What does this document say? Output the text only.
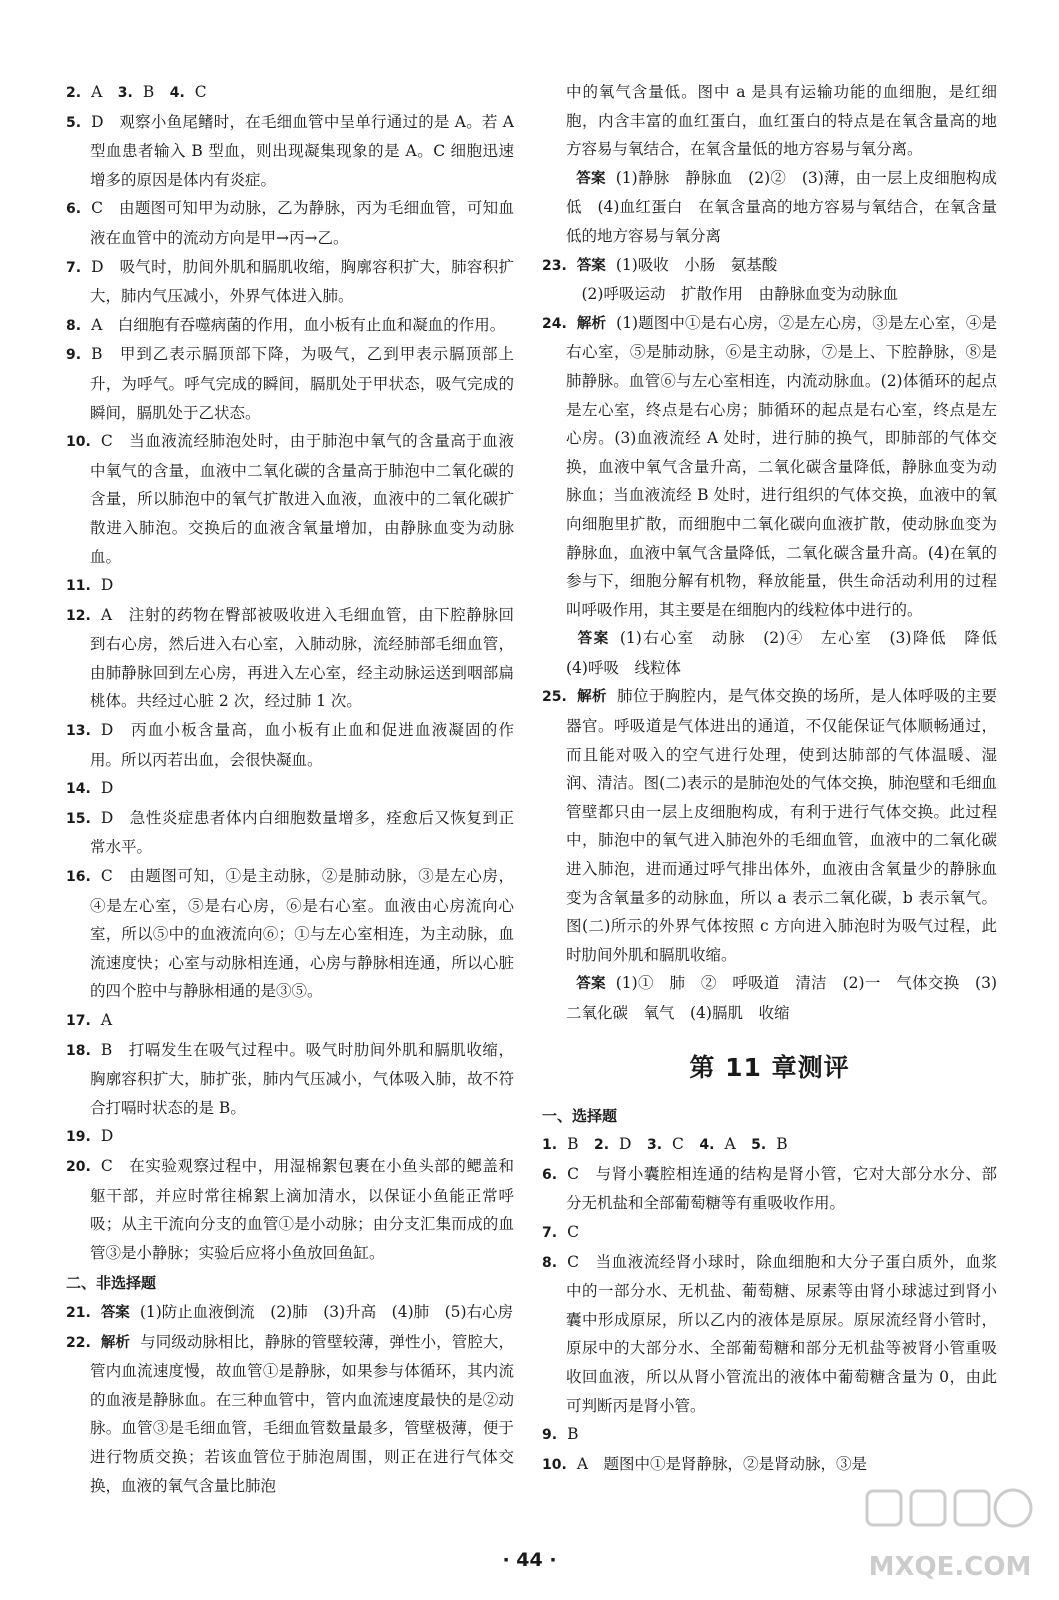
2. A　3. B　4. C

5. D　观察小鱼尾鳍时，在毛细血管中呈单行通过的是 A。若 A 型血患者输入 B 型血，则出现凝集现象的是 A。C 细胞迅速增多的原因是体内有炎症。

6. C　由题图可知甲为动脉，乙为静脉，丙为毛细血管，可知血液在血管中的流动方向是甲→丙→乙。

7. D　吸气时，肋间外肌和膈肌收缩，胸廓容积扩大，肺容积扩大，肺内气压减小，外界气体进入肺。

8. A　白细胞有吞噬病菌的作用，血小板有止血和凝血的作用。

9. B　甲到乙表示膈顶部下降，为吸气，乙到甲表示膈顶部上升，为呼气。呼气完成的瞬间，膈肌处于甲状态，吸气完成的瞬间，膈肌处于乙状态。

10. C　当血液流经肺泡处时，由于肺泡中氧气的含量高于血液中氧气的含量，血液中二氧化碳的含量高于肺泡中二氧化碳的含量，所以肺泡中的氧气扩散进入血液，血液中的二氧化碳扩散进入肺泡。交换后的血液含氧量增加，由静脉血变为动脉血。

11. D

12. A　注射的药物在臀部被吸收进入毛细血管，由下腔静脉回到右心房，然后进入右心室，入肺动脉，流经肺部毛细血管，由肺静脉回到左心房，再进入左心室，经主动脉运送到咽部扁桃体。共经过心脏 2 次，经过肺 1 次。

13. D　丙血小板含量高，血小板有止血和促进血液凝固的作用。所以丙若出血，会很快凝血。

14. D

15. D　急性炎症患者体内白细胞数量增多，痊愈后又恢复到正常水平。

16. C　由题图可知，①是主动脉，②是肺动脉，③是左心房，④是左心室，⑤是右心房，⑥是右心室。血液由心房流向心室，所以⑤中的血液流向⑥；①与左心室相连，为主动脉，血流速度快；心室与动脉相连通，心房与静脉相连通，所以心脏的四个腔中与静脉相通的是③⑤。

17. A

18. B　打嗝发生在吸气过程中。吸气时肋间外肌和膈肌收缩，胸廓容积扩大，肺扩张，肺内气压减小，气体吸入肺，故不符合打嗝时状态的是 B。

19. D

20. C　在实验观察过程中，用湿棉絮包裹在小鱼头部的鳃盖和躯干部，并应时常往棉絮上滴加清水，以保证小鱼能正常呼吸；从主干流向分支的血管①是小动脉；由分支汇集而成的血管③是小静脉；实验后应将小鱼放回鱼缸。

二、非选择题

21. 答案 (1)防止血液倒流　(2)肺　(3)升高　(4)肺　(5)右心房

22. 解析 与同级动脉相比，静脉的管壁较薄，弹性小，管腔大，管内血流速度慢，故血管①是静脉，如果参与体循环，其内流的血液是静脉血。在三种血管中，管内血流速度最快的是②动脉。血管③是毛细血管，毛细血管数量最多，管壁极薄，便于进行物质交换；若该血管位于肺泡周围，则正在进行气体交换，血液的氧气含量比肺泡

中的氧气含量低。图中 a 是具有运输功能的血细胞，是红细胞，内含丰富的血红蛋白，血红蛋白的特点是在氧含量高的地方容易与氧结合，在氧含量低的地方容易与氧分离。

答案 (1)静脉　静脉血　(2)②　(3)薄，由一层上皮细胞构成　低　(4)血红蛋白　在氧含量高的地方容易与氧结合，在氧含量低的地方容易与氧分离

23. 答案 (1)吸收　小肠　氨基酸

　(2)呼吸运动　扩散作用　由静脉血变为动脉血

24. 解析 (1)题图中①是右心房，②是左心房，③是左心室，④是右心室，⑤是肺动脉，⑥是主动脉，⑦是上、下腔静脉，⑧是肺静脉。血管⑥与左心室相连，内流动脉血。(2)体循环的起点是左心室，终点是右心房；肺循环的起点是右心室，终点是左心房。(3)血液流经 A 处时，进行肺的换气，即肺部的气体交换，血液中氧气含量升高，二氧化碳含量降低，静脉血变为动脉血；当血液流经 B 处时，进行组织的气体交换，血液中的氧向细胞里扩散，而细胞中二氧化碳向血液扩散，使动脉血变为静脉血，血液中氧气含量降低，二氧化碳含量升高。(4)在氧的参与下，细胞分解有机物，释放能量，供生命活动利用的过程叫呼吸作用，其主要是在细胞内的线粒体中进行的。

答案 (1)右心室　动脉　(2)④　左心室　(3)降低　降低　(4)呼吸　线粒体

25. 解析 肺位于胸腔内，是气体交换的场所，是人体呼吸的主要器官。呼吸道是气体进出的通道，不仅能保证气体顺畅通过，而且能对吸入的空气进行处理，使到达肺部的气体温暖、湿润、清洁。图(二)表示的是肺泡处的气体交换，肺泡壁和毛细血管壁都只由一层上皮细胞构成，有利于进行气体交换。此过程中，肺泡中的氧气进入肺泡外的毛细血管，血液中的二氧化碳进入肺泡，进而通过呼气排出体外，血液由含氧量少的静脉血变为含氧量多的动脉血，所以 a 表示二氧化碳，b 表示氧气。图(二)所示的外界气体按照 c 方向进入肺泡时为吸气过程，此时肋间外肌和膈肌收缩。

答案 (1)①　肺　②　呼吸道　清洁　(2)一　气体交换　(3)二氧化碳　氧气　(4)膈肌　收缩

第 11 章测评
一、选择题

1. B　2. D　3. C　4. A　5. B

6. C　与肾小囊腔相连通的结构是肾小管，它对大部分水分、部分无机盐和全部葡萄糖等有重吸收作用。

7. C

8. C　当血液流经肾小球时，除血细胞和大分子蛋白质外，血浆中的一部分水、无机盐、葡萄糖、尿素等由肾小球滤过到肾小囊中形成原尿，所以乙内的液体是原尿。原尿流经肾小管时，原尿中的大部分水、全部葡萄糖和部分无机盐等被肾小管重吸收回血液，所以从肾小管流出的液体中葡萄糖含量为 0，由此可判断丙是肾小管。

9. B

10. A　题图中①是肾静脉，②是肾动脉，③是

· 44 ·	MXQE.COM
